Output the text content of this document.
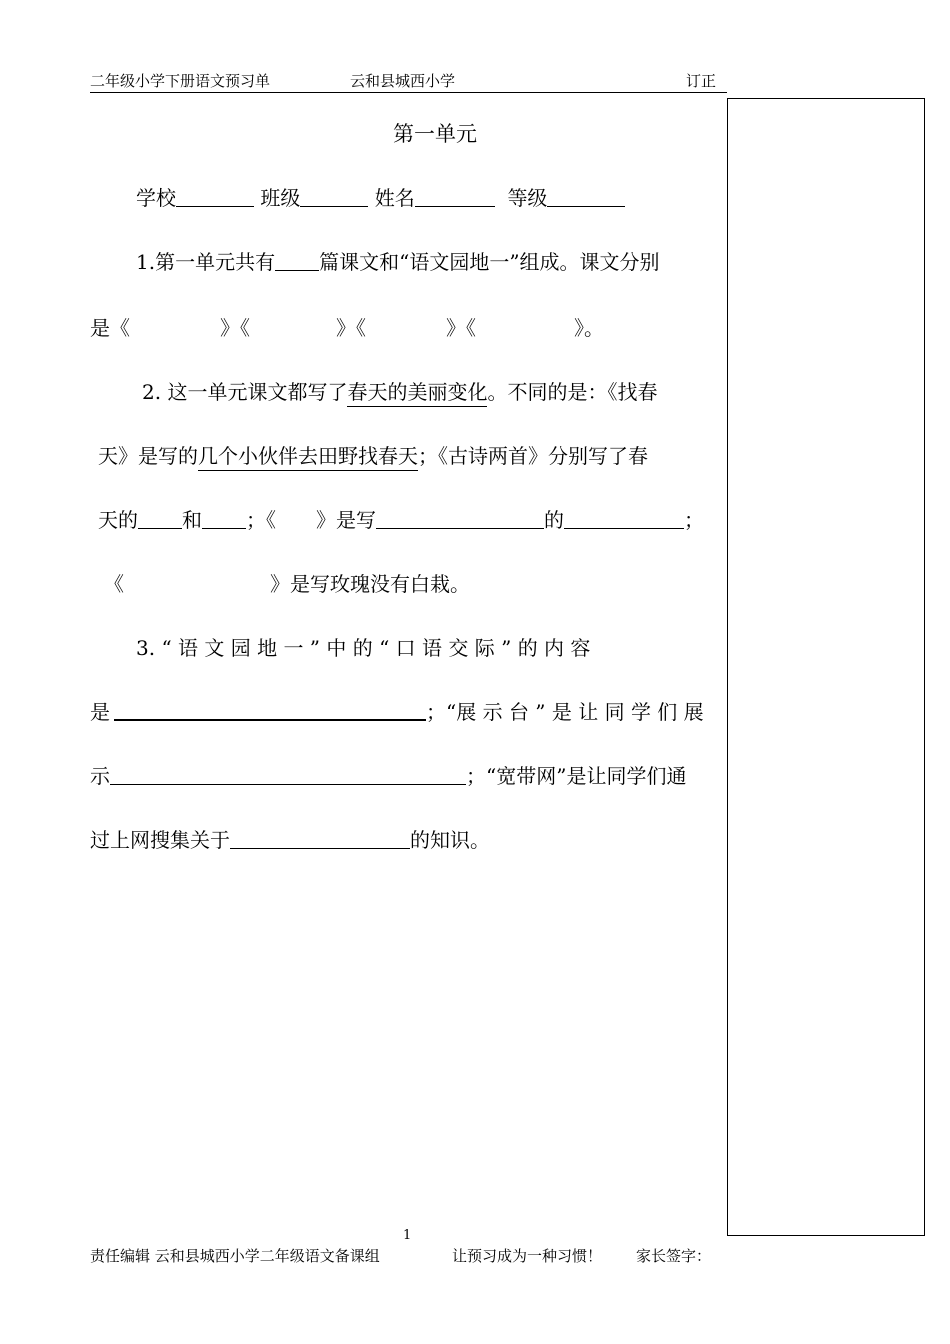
二年级小学下册语文预习单	云和县城西小学	订正
第一单元
学校	班级	姓名	等级
1.第一单元共有 篇课文和“语文园地一”组成。课文分别
是《	》《	》《	》《	》。
2. 这一单元课文都写了春天的美丽变化。不同的是：《找春
天》是写的几个小伙伴去田野找春天；《古诗两首》分别写了春
天的 和 ；《 》是写	的	；
《	》是写玫瑰没有白栽。
3. “ 语 文 园 地 一 ” 中 的 “ 口 语 交 际 ” 的 内 容
是	；“展 示 台 ” 是 让 同 学 们 展
示	；“宽带网”是让同学们通
过上网搜集关于	的知识。
1
责任编辑 云和县城西小学二年级语文备课组	让预习成为一种习惯！ 家长签字：
